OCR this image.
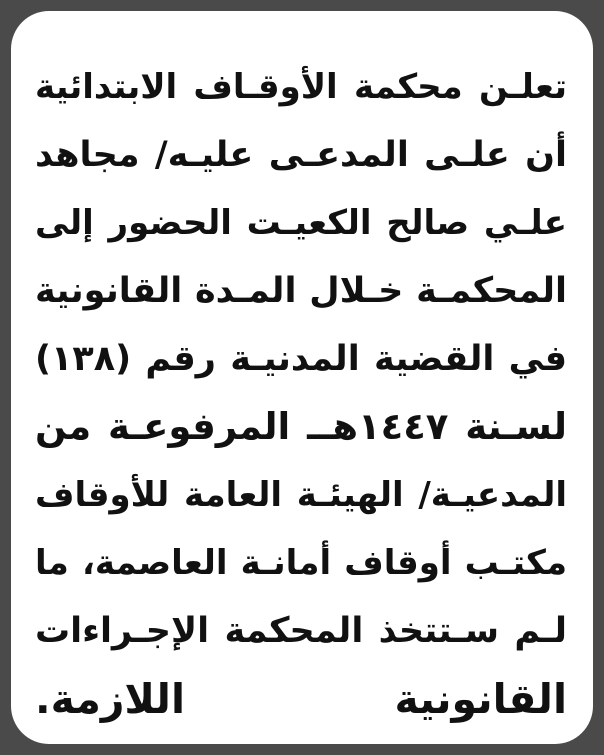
تعلـن محكمة الأوقـاف الابتدائية
أن علـى المدعـى عليـه/ مجاهد
علـي صالح الكعيـت الحضور إلى
المحكمـة خـلال المـدة القانونية
في القضية المدنيـة رقم (١٣٨)
لسـنة ١٤٤٧هــ المرفوعـة من
المدعيـة/ الهيئـة العامة للأوقاف
مكتـب أوقاف أمانـة العاصمة، ما
لـم سـتتخذ المحكمة الإجـراءات
القانونية اللازمة.
